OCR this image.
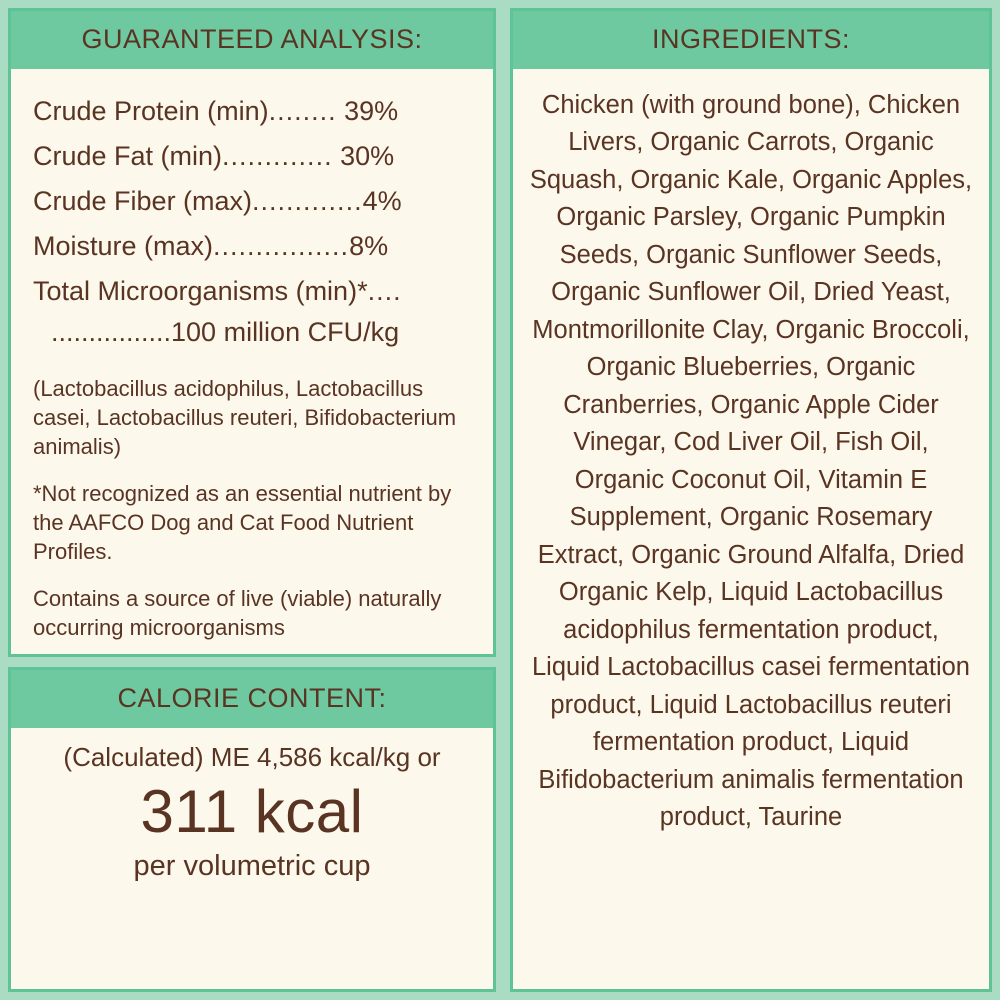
GUARANTEED ANALYSIS:
Crude Protein (min)........ 39%
Crude Fat (min)............. 30%
Crude Fiber (max).............4%
Moisture (max)................8%
Total Microorganisms (min)*....
................100 million CFU/kg
(Lactobacillus acidophilus, Lactobacillus casei, Lactobacillus reuteri, Bifidobacterium animalis)
*Not recognized as an essential nutrient by the AAFCO Dog and Cat Food Nutrient Profiles.
Contains a source of live (viable) naturally occurring microorganisms
CALORIE CONTENT:
(Calculated) ME 4,586 kcal/kg or
311 kcal
per volumetric cup
INGREDIENTS:
Chicken (with ground bone), Chicken Livers, Organic Carrots, Organic Squash, Organic Kale, Organic Apples, Organic Parsley, Organic Pumpkin Seeds, Organic Sunflower Seeds, Organic Sunflower Oil, Dried Yeast, Montmorillonite Clay, Organic Broccoli, Organic Blueberries, Organic Cranberries, Organic Apple Cider Vinegar, Cod Liver Oil, Fish Oil, Organic Coconut Oil, Vitamin E Supplement, Organic Rosemary Extract, Organic Ground Alfalfa, Dried Organic Kelp, Liquid Lactobacillus acidophilus fermentation product, Liquid Lactobacillus casei fermentation product, Liquid Lactobacillus reuteri fermentation product, Liquid Bifidobacterium animalis fermentation product, Taurine
